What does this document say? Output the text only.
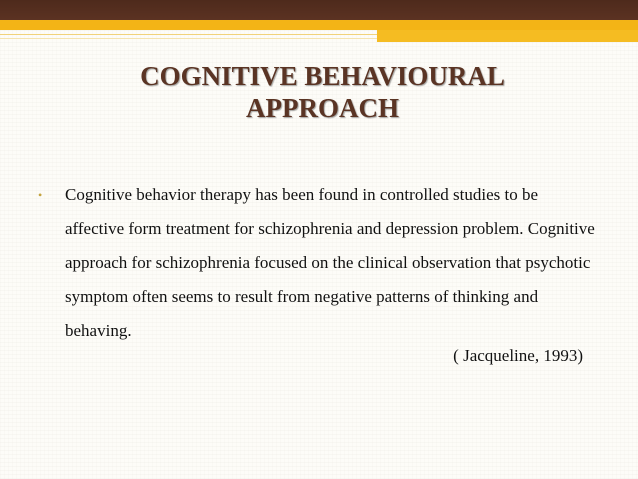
COGNITIVE BEHAVIOURAL
APPROACH
•	Cognitive behavior therapy has been found in controlled studies to be affective form treatment for schizophrenia and depression problem. Cognitive approach for schizophrenia focused on the clinical observation that psychotic symptom often seems to result from negative patterns of thinking and behaving.
( Jacqueline, 1993)
